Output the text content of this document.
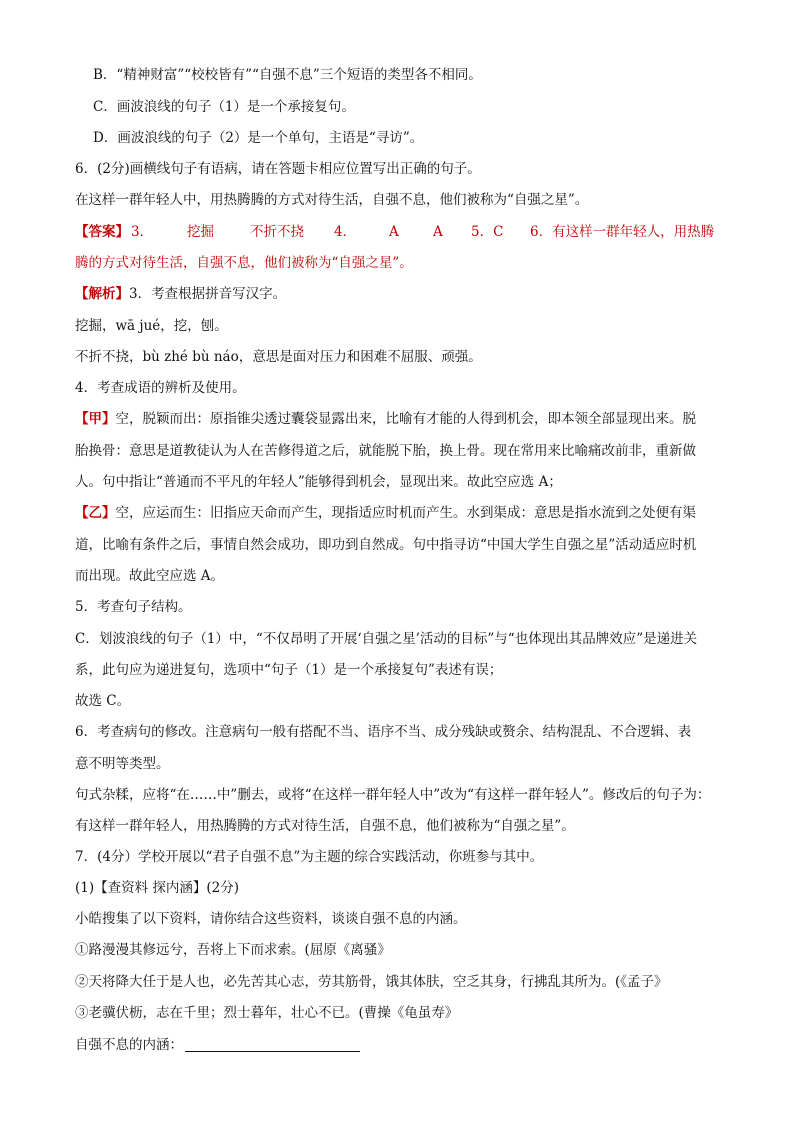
B．“精神财富”“校校皆有”“自强不息”三个短语的类型各不相同。
C．画波浪线的句子（1）是一个承接复句。
D．画波浪线的句子（2）是一个单句，主语是“寻访”。
6．(2分)画横线句子有语病，请在答题卡相应位置写出正确的句子。
在这样一群年轻人中，用热腾腾的方式对待生活，自强不息，他们被称为“自强之星”。
【答案】 3．	挖掘	不折不挠 4． A	A 5．C 6．有这样一群年轻人，用热腾
腾的方式对待生活，自强不息，他们被称为“自强之星”。
【解析】3．考查根据拼音写汉字。
挖掘，wā jué，挖，刨。
不折不挠，bù zhé bù náo，意思是面对压力和困难不屈服、顽强。
4．考查成语的辨析及使用。
【甲】空，脱颖而出：原指锥尖透过囊袋显露出来，比喻有才能的人得到机会，即本领全部显现出来。脱
胎换骨：意思是道教徒认为人在苦修得道之后，就能脱下胎，换上骨。现在常用来比喻痛改前非，重新做
人。句中指让“普通而不平凡的年轻人”能够得到机会，显现出来。故此空应选 A；
【乙】空，应运而生：旧指应天命而产生，现指适应时机而产生。水到渠成：意思是指水流到之处便有渠
道，比喻有条件之后，事情自然会成功，即功到自然成。句中指寻访“中国大学生自强之星”活动适应时机
而出现。故此空应选 A。
5．考查句子结构。
C．划波浪线的句子（1）中，“不仅昂明了开展‘自强之星’活动的目标”与“也体现出其品牌效应”是递进关
系，此句应为递进复句，选项中“句子（1）是一个承接复句”表述有误；
故选 C。
6．考查病句的修改。注意病句一般有搭配不当、语序不当、成分残缺或赘余、结构混乱、不合逻辑、表
意不明等类型。
句式杂糅，应将“在……中”删去，或将“在这样一群年轻人中”改为“有这样一群年轻人”。修改后的句子为：
有这样一群年轻人，用热腾腾的方式对待生活，自强不息，他们被称为“自强之星”。
7．(4分）学校开展以“君子自强不息”为主题的综合实践活动，你班参与其中。
(1)【查资料 探内涵】(2分)
小皓搜集了以下资料，请你结合这些资料，谈谈自强不息的内涵。
①路漫漫其修远兮，吾将上下而求索。(屈原《离骚》
②天将降大任于是人也，必先苦其心志，劳其筋骨，饿其体肤，空乏其身，行拂乱其所为。(《孟子》
③老骥伏枥，志在千里；烈士暮年，壮心不已。(曹操《龟虽寿》
自强不息的内涵：
